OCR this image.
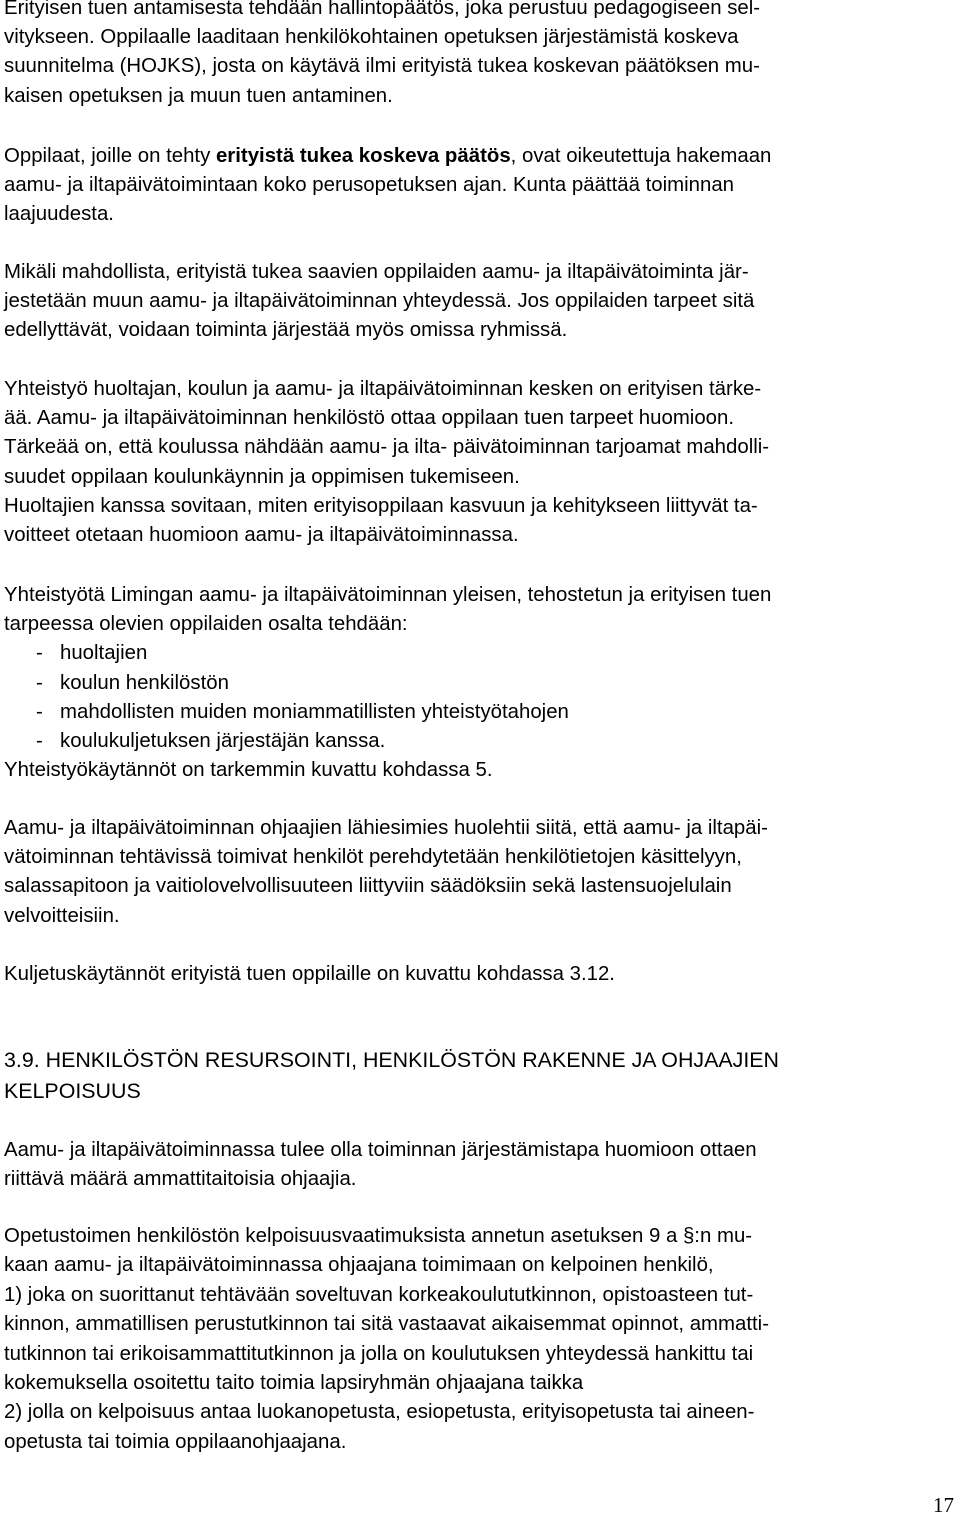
Erityisen tuen antamisesta tehdään hallintopäätös, joka perustuu pedagogiseen sel-
vitykseen. Oppilaalle laaditaan henkilökohtainen opetuksen järjestämistä koskeva
suunnitelma (HOJKS), josta on käytävä ilmi erityistä tukea koskevan päätöksen mu-
kaisen opetuksen ja muun tuen antaminen.
Oppilaat, joille on tehty erityistä tukea koskeva päätös, ovat oikeutettuja hakemaan
aamu- ja iltapäivätoimintaan koko perusopetuksen ajan. Kunta päättää toiminnan
laajuudesta.
Mikäli mahdollista, erityistä tukea saavien oppilaiden aamu- ja iltapäivätoiminta jär-
jestetään muun aamu- ja iltapäivätoiminnan yhteydessä. Jos oppilaiden tarpeet sitä
edellyttävät, voidaan toiminta järjestää myös omissa ryhmissä.
Yhteistyö huoltajan, koulun ja aamu- ja iltapäivätoiminnan kesken on erityisen tärke-
ää. Aamu- ja iltapäivätoiminnan henkilöstö ottaa oppilaan tuen tarpeet huomioon.
Tärkeää on, että koulussa nähdään aamu- ja ilta- päivätoiminnan tarjoamat mahdolli-
suudet oppilaan koulunkäynnin ja oppimisen tukemiseen.
Huoltajien kanssa sovitaan, miten erityisoppilaan kasvuun ja kehitykseen liittyvät ta-
voitteet otetaan huomioon aamu- ja iltapäivätoiminnassa.
Yhteistyötä Limingan aamu- ja iltapäivätoiminnan yleisen, tehostetun ja erityisen tuen
tarpeessa olevien oppilaiden osalta tehdään:
- huoltajien
- koulun henkilöstön
- mahdollisten muiden moniammatillisten yhteistyötahojen
- koulukuljetuksen järjestäjän kanssa.
Yhteistyökäytännöt on tarkemmin kuvattu kohdassa 5.
Aamu- ja iltapäivätoiminnan ohjaajien lähiesimies huolehtii siitä, että aamu- ja iltapäi-
vätoiminnan tehtävissä toimivat henkilöt perehdytetään henkilötietojen käsittelyyn,
salassapitoon ja vaitiolovelvollisuuteen liittyviin säädöksiin sekä lastensuojelulain
velvoitteisiin.
Kuljetuskäytännöt erityistä tuen oppilaille on kuvattu kohdassa 3.12.
3.9. HENKILÖSTÖN RESURSOINTI, HENKILÖSTÖN RAKENNE JA OHJAAJIEN
KELPOISUUS
Aamu- ja iltapäivätoiminnassa tulee olla toiminnan järjestämistapa huomioon ottaen
riittävä määrä ammattitaitoisia ohjaajia.
Opetustoimen henkilöstön kelpoisuusvaatimuksista annetun asetuksen 9 a §:n mu-
kaan aamu- ja iltapäivätoiminnassa ohjaajana toimimaan on kelpoinen henkilö,
1) joka on suorittanut tehtävään soveltuvan korkeakoulututkinnon, opistoasteen tut-
kinnon, ammatillisen perustutkinnon tai sitä vastaavat aikaisemmat opinnot, ammatti-
tutkinnon tai erikoisammattitutkinnon ja jolla on koulutuksen yhteydessä hankittu tai
kokemuksella osoitettu taito toimia lapsiryhmän ohjaajana taikka
2) jolla on kelpoisuus antaa luokanopetusta, esiopetusta, erityisopetusta tai aineen-
opetusta tai toimia oppilaanohjaajana.
17
